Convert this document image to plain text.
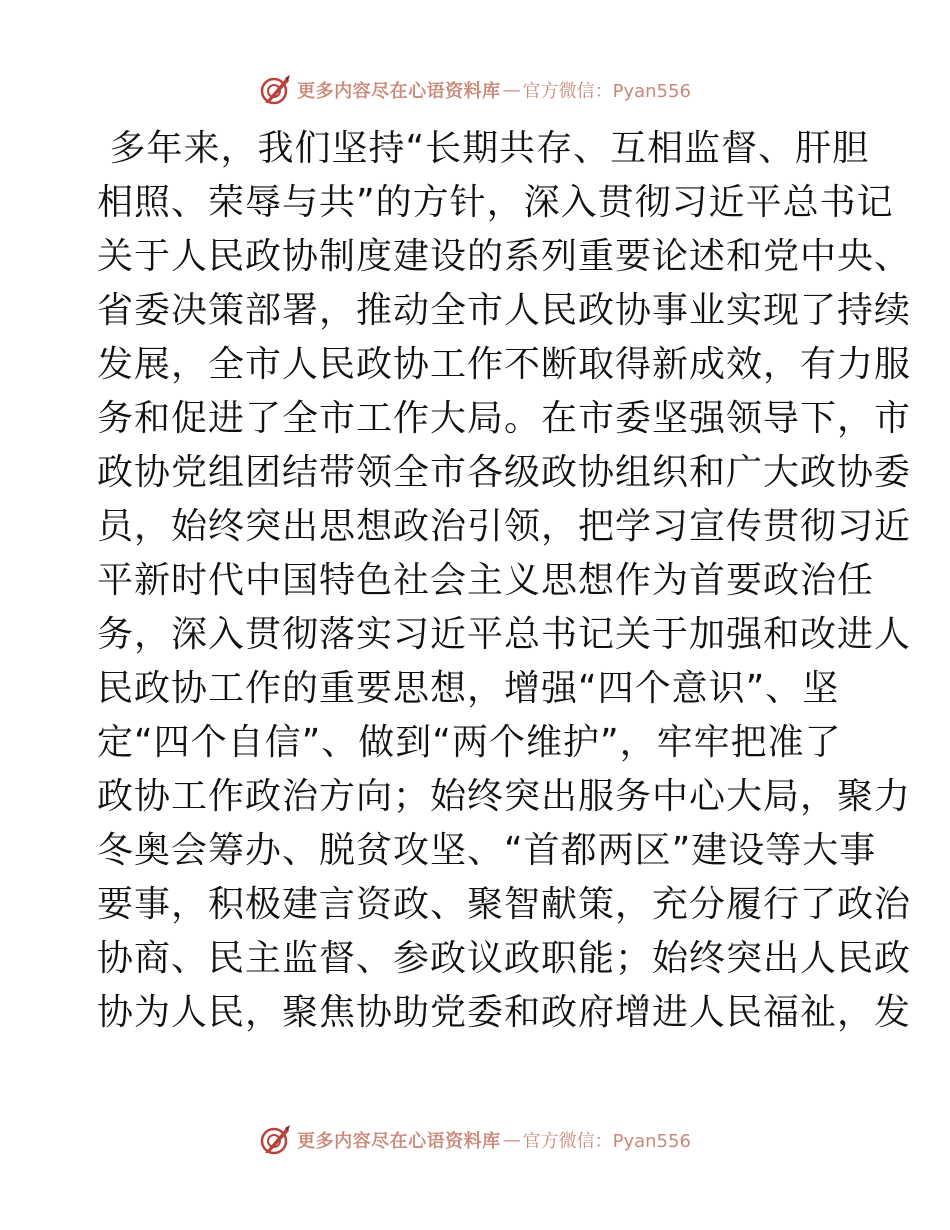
更多内容尽在心语资料库 — 官方微信：Pyan556
多年来，我们坚持“长期共存、互相监督、肝胆
相照、荣辱与共”的方针，深入贯彻习近平总书记
关于人民政协制度建设的系列重要论述和党中央、
省委决策部署，推动全市人民政协事业实现了持续
发展，全市人民政协工作不断取得新成效，有力服
务和促进了全市工作大局。在市委坚强领导下，市
政协党组团结带领全市各级政协组织和广大政协委
员，始终突出思想政治引领，把学习宣传贯彻习近
平新时代中国特色社会主义思想作为首要政治任
务，深入贯彻落实习近平总书记关于加强和改进人
民政协工作的重要思想，增强“四个意识”、坚
定“四个自信”、做到“两个维护”，牢牢把准了
政协工作政治方向；始终突出服务中心大局，聚力
冬奥会筹办、脱贫攻坚、“首都两区”建设等大事
要事，积极建言资政、聚智献策，充分履行了政治
协商、民主监督、参政议政职能；始终突出人民政
协为人民，聚焦协助党委和政府增进人民福祉，发
更多内容尽在心语资料库 — 官方微信：Pyan556
